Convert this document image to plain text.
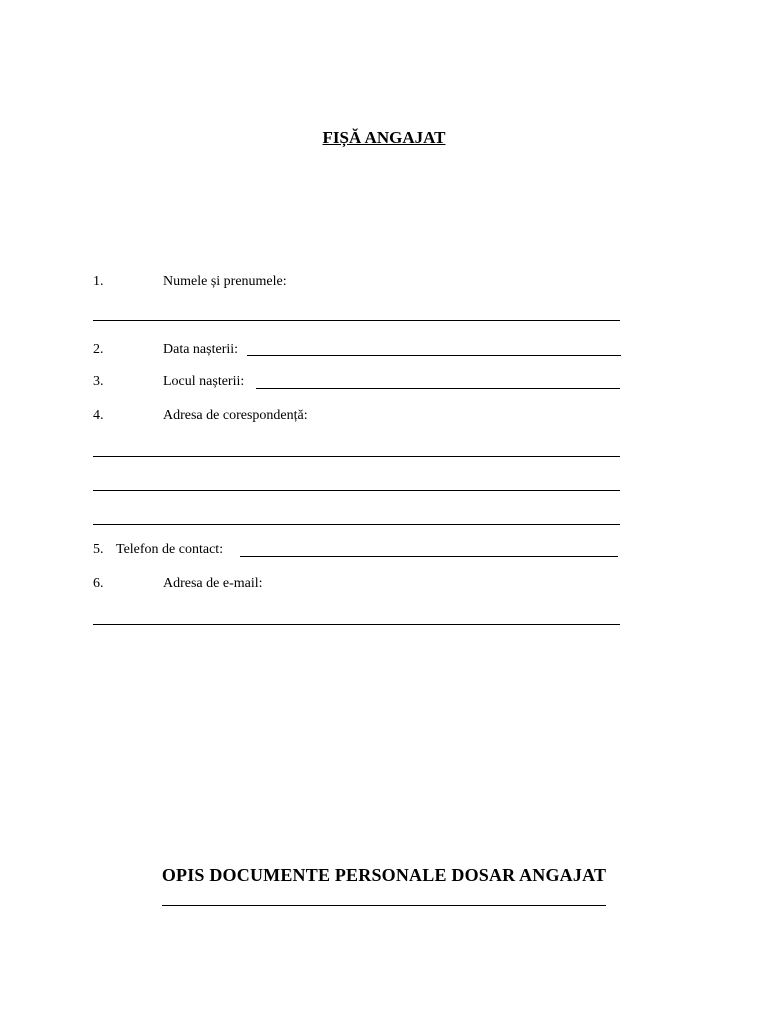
FIȘĂ ANGAJAT
1.	Numele și prenumele:
2.	Data nașterii:
3.	Locul nașterii:
4.	Adresa de corespondență:
5. Telefon de contact:
6.	Adresa de e-mail:
OPIS DOCUMENTE PERSONALE DOSAR ANGAJAT
